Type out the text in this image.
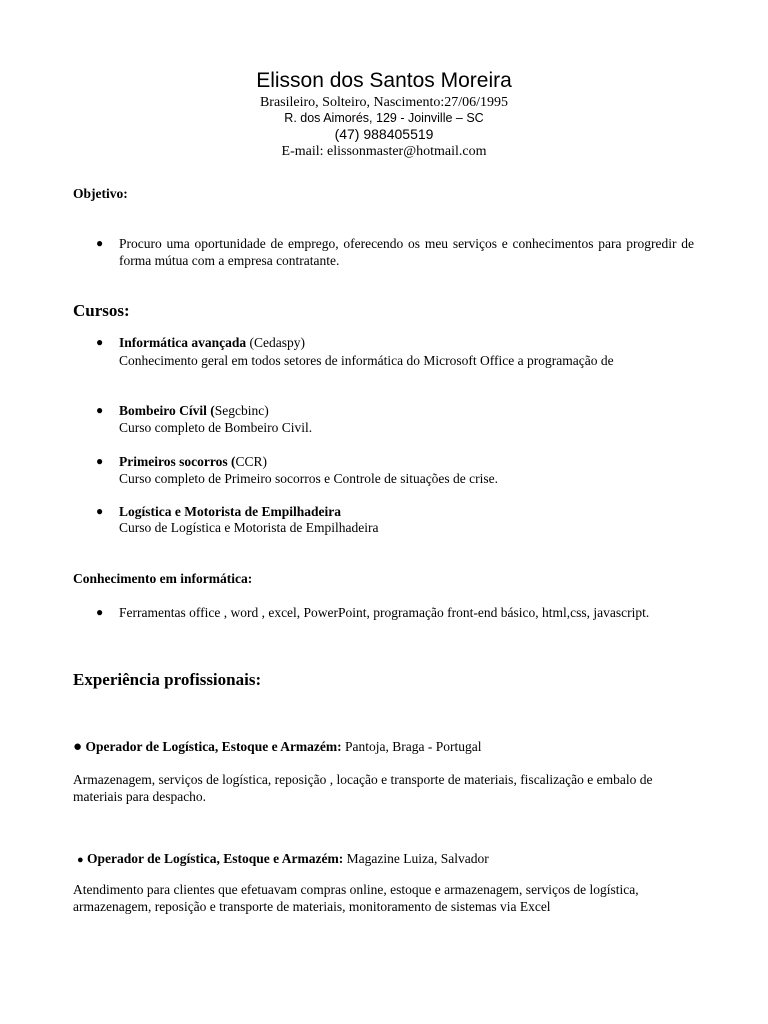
Elisson dos Santos Moreira
Brasileiro, Solteiro, Nascimento:27/06/1995
R. dos Aimorés, 129 - Joinville – SC
(47) 988405519
E-mail: elissonmaster@hotmail.com
Objetivo:
● Procuro uma oportunidade de emprego, oferecendo os meu serviços e conhecimentos para progredir de forma mútua com a empresa contratante.
Cursos:
● Informática avançada (Cedaspy)
Conhecimento geral em todos setores de informática do Microsoft Office a programação de
● Bombeiro Cívil (Segcbinc)
Curso completo de Bombeiro Civil.
● Primeiros socorros (CCR)
Curso completo de Primeiro socorros e Controle de situações de crise.
● Logística e Motorista de Empilhadeira
Curso de Logística e Motorista de Empilhadeira
Conhecimento em informática:
● Ferramentas office , word , excel, PowerPoint, programação front-end básico, html,css, javascript.
Experiência profissionais:
● Operador de Logística, Estoque e Armazém: Pantoja, Braga - Portugal
Armazenagem, serviços de logística, reposição , locação e transporte de materiais, fiscalização e embalo de materiais para despacho.
● Operador de Logística, Estoque e Armazém: Magazine Luiza, Salvador
Atendimento para clientes que efetuavam compras online, estoque e armazenagem, serviços de logística, armazenagem, reposição e transporte de materiais, monitoramento de sistemas via Excel
